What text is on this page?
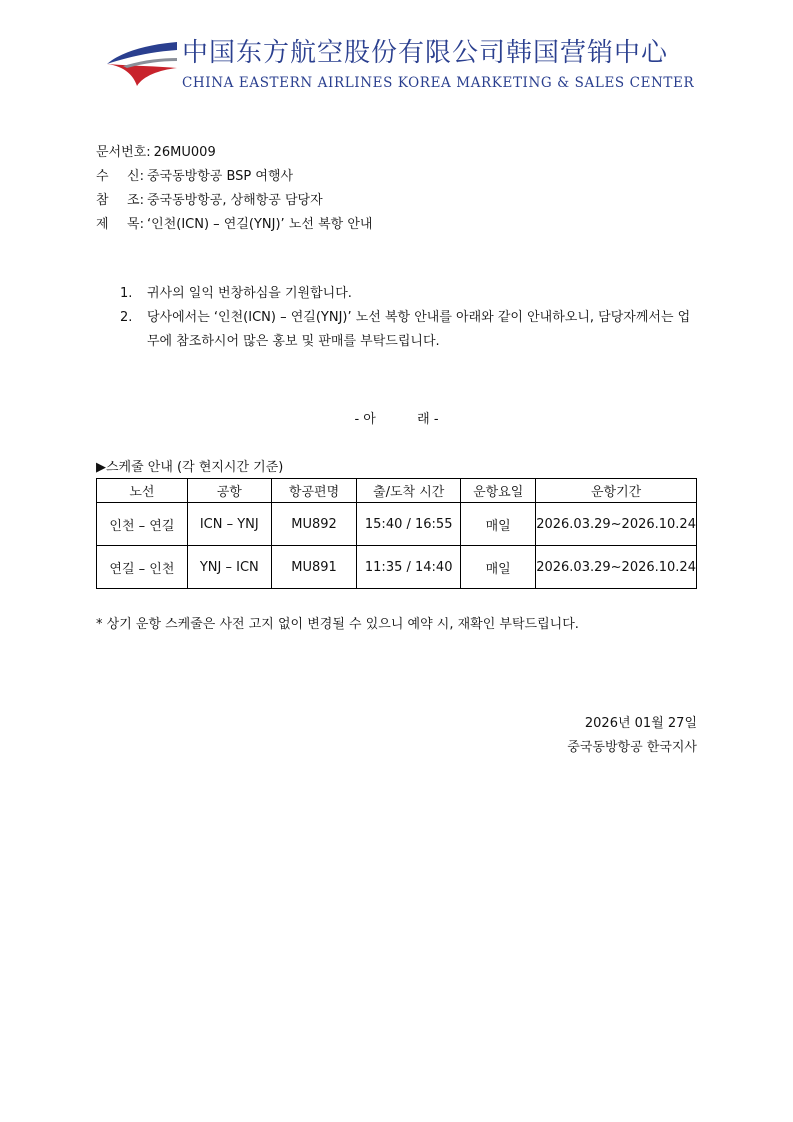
中国东方航空股份有限公司韩国营销中心
CHINA EASTERN AIRLINES KOREA MARKETING & SALES CENTER
문서번호: 26MU009
수 신: 중국동방항공 BSP 여행사
참 조: 중국동방항공, 상해항공 담당자
제 목: ‘인천(ICN) – 연길(YNJ)’ 노선 복항 안내
1.	귀사의 일익 번창하심을 기원합니다.
2.	당사에서는 ‘인천(ICN) – 연길(YNJ)’ 노선 복항 안내를 아래와 같이 안내하오니, 담당자께서는 업무에 참조하시어 많은 홍보 및 판매를 부탁드립니다.
- 아          래 -
▶스케줄 안내 (각 현지시간 기준)
노선	공항	항공편명	출/도착 시간	운항요일	운항기간
인천 – 연길	ICN – YNJ	MU892	15:40 / 16:55	매일	2026.03.29~2026.10.24
연길 – 인천	YNJ – ICN	MU891	11:35 / 14:40	매일	2026.03.29~2026.10.24
* 상기 운항 스케줄은 사전 고지 없이 변경될 수 있으니 예약 시, 재확인 부탁드립니다.
2026년 01월 27일
중국동방항공 한국지사
